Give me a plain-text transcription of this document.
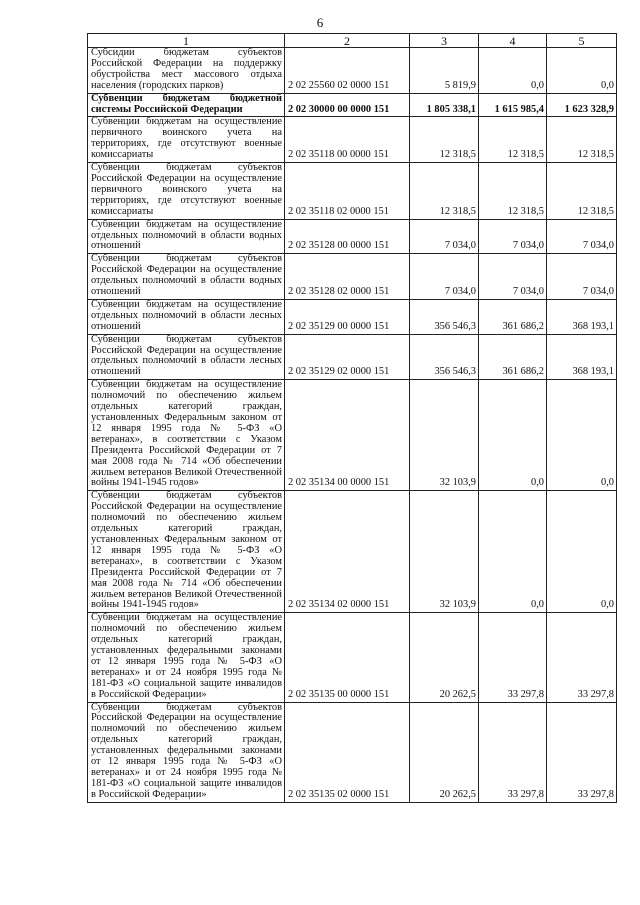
6
1	2	3	4	5
Субсидии бюджетам субъектов Российской Федерации на поддержку обустройства мест массового отдыха населения (городских парков)	2 02 25560 02 0000 151	5 819,9	0,0	0,0
Субвенции бюджетам бюджетной системы Российской Федерации	2 02 30000 00 0000 151	1 805 338,1	1 615 985,4	1 623 328,9
Субвенции бюджетам на осуществление первичного воинского учета на территориях, где отсутствуют военные комиссариаты	2 02 35118 00 0000 151	12 318,5	12 318,5	12 318,5
Субвенции бюджетам субъектов Российской Федерации на осуществление первичного воинского учета на территориях, где отсутствуют военные комиссариаты	2 02 35118 02 0000 151	12 318,5	12 318,5	12 318,5
Субвенции бюджетам на осуществление отдельных полномочий в области водных отношений	2 02 35128 00 0000 151	7 034,0	7 034,0	7 034,0
Субвенции бюджетам субъектов Российской Федерации на осуществление отдельных полномочий в области водных отношений	2 02 35128 02 0000 151	7 034,0	7 034,0	7 034,0
Субвенции бюджетам на осуществление отдельных полномочий в области лесных отношений	2 02 35129 00 0000 151	356 546,3	361 686,2	368 193,1
Субвенции бюджетам субъектов Российской Федерации на осуществление отдельных полномочий в области лесных отношений	2 02 35129 02 0000 151	356 546,3	361 686,2	368 193,1
Субвенции бюджетам на осуществление полномочий по обеспечению жильем отдельных категорий граждан, установленных Федеральным законом от 12 января 1995 года № 5-ФЗ «О ветеранах», в соответствии с Указом Президента Российской Федерации от 7 мая 2008 года № 714 «Об обеспечении жильем ветеранов Великой Отечественной войны 1941-1945 годов»	2 02 35134 00 0000 151	32 103,9	0,0	0,0
Субвенции бюджетам субъектов Российской Федерации на осуществление полномочий по обеспечению жильем отдельных категорий граждан, установленных Федеральным законом от 12 января 1995 года № 5-ФЗ «О ветеранах», в соответствии с Указом Президента Российской Федерации от 7 мая 2008 года № 714 «Об обеспечении жильем ветеранов Великой Отечественной войны 1941-1945 годов»	2 02 35134 02 0000 151	32 103,9	0,0	0,0
Субвенции бюджетам на осуществление полномочий по обеспечению жильем отдельных категорий граждан, установленных федеральными законами от 12 января 1995 года № 5-ФЗ «О ветеранах» и от 24 ноября 1995 года № 181-ФЗ «О социальной защите инвалидов в Российской Федерации»	2 02 35135 00 0000 151	20 262,5	33 297,8	33 297,8
Субвенции бюджетам субъектов Российской Федерации на осуществление полномочий по обеспечению жильем отдельных категорий граждан, установленных федеральными законами от 12 января 1995 года № 5-ФЗ «О ветеранах» и от 24 ноября 1995 года № 181-ФЗ «О социальной защите инвалидов в Российской Федерации»	2 02 35135 02 0000 151	20 262,5	33 297,8	33 297,8
